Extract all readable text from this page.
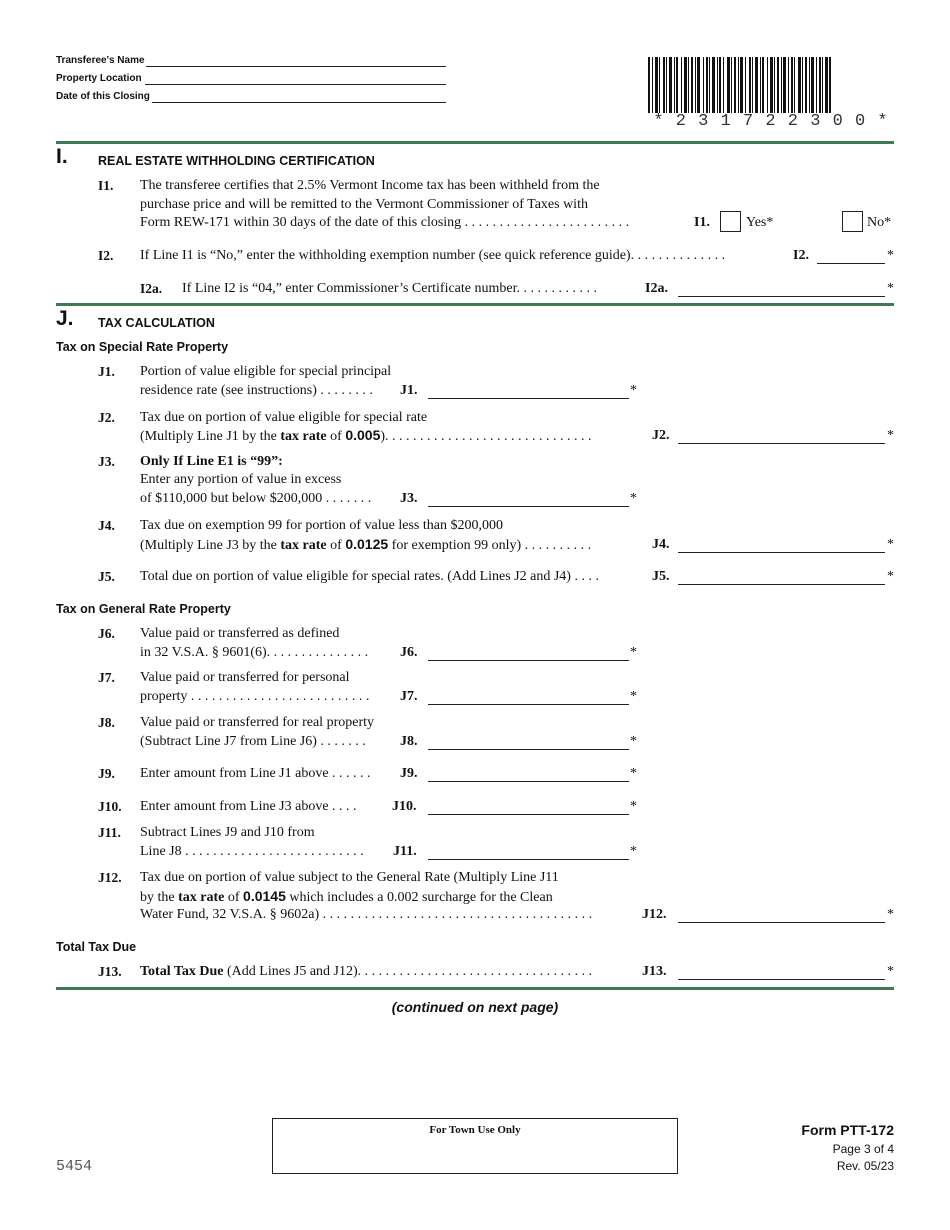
Transferee's Name
Property Location
Date of this Closing
* 2 3 1 7 2 2 3 0 0 *
I. REAL ESTATE WITHHOLDING CERTIFICATION
I1. The transferee certifies that 2.5% Vermont Income tax has been withheld from the
purchase price and will be remitted to the Vermont Commissioner of Taxes with
Form REW-171 within 30 days of the date of this closing . . . . . . . . . . . . . . . . . . . . . . . .	I1.	Yes*	No*
I2. If Line I1 is “No,” enter the withholding exemption number (see quick reference guide). . . . . . . . . . . . . .	I2.	*
I2a. If Line I2 is “04,” enter Commissioner’s Certificate number. . . . . . . . . . . .	I2a.	*
J. TAX CALCULATION
Tax on Special Rate Property
J1. Portion of value eligible for special principal
residence rate (see instructions) . . . . . . . . J1.	*
J2. Tax due on portion of value eligible for special rate
(Multiply Line J1 by the tax rate of 0.005). . . . . . . . . . . . . . . . . . . . . . . . . . . . . .	J2.	*
J3. Only If Line E1 is “99”:
Enter any portion of value in excess
of $110,000 but below $200,000 . . . . . . . J3.	*
J4. Tax due on exemption 99 for portion of value less than $200,000
(Multiply Line J3 by the tax rate of 0.0125 for exemption 99 only) . . . . . . . . . .	J4.	*
J5. Total due on portion of value eligible for special rates. (Add Lines J2 and J4) . . . .	J5.	*
Tax on General Rate Property
J6. Value paid or transferred as defined
in 32 V.S.A. § 9601(6). . . . . . . . . . . . . . . J6.	*
J7. Value paid or transferred for personal
property . . . . . . . . . . . . . . . . . . . . . . . . . . J7.	*
J8. Value paid or transferred for real property
(Subtract Line J7 from Line J6) . . . . . . . J8.	*
J9. Enter amount from Line J1 above . . . . . . J9.	*
J10. Enter amount from Line J3 above . . . .	J10.	*
J11. Subtract Lines J9 and J10 from
Line J8 . . . . . . . . . . . . . . . . . . . . . . . . . . J11.	*
J12. Tax due on portion of value subject to the General Rate (Multiply Line J11
by the tax rate of 0.0145 which includes a 0.002 surcharge for the Clean
Water Fund, 32 V.S.A. § 9602a) . . . . . . . . . . . . . . . . . . . . . . . . . . . . . . . . . . . . . . .	J12.	*
Total Tax Due
J13. Total Tax Due (Add Lines J5 and J12). . . . . . . . . . . . . . . . . . . . . . . . . . . . . . . . . .	J13.	*
(continued on next page)
For Town Use Only	Form PTT-172
Page 3 of 4
Rev. 05/23
5454
